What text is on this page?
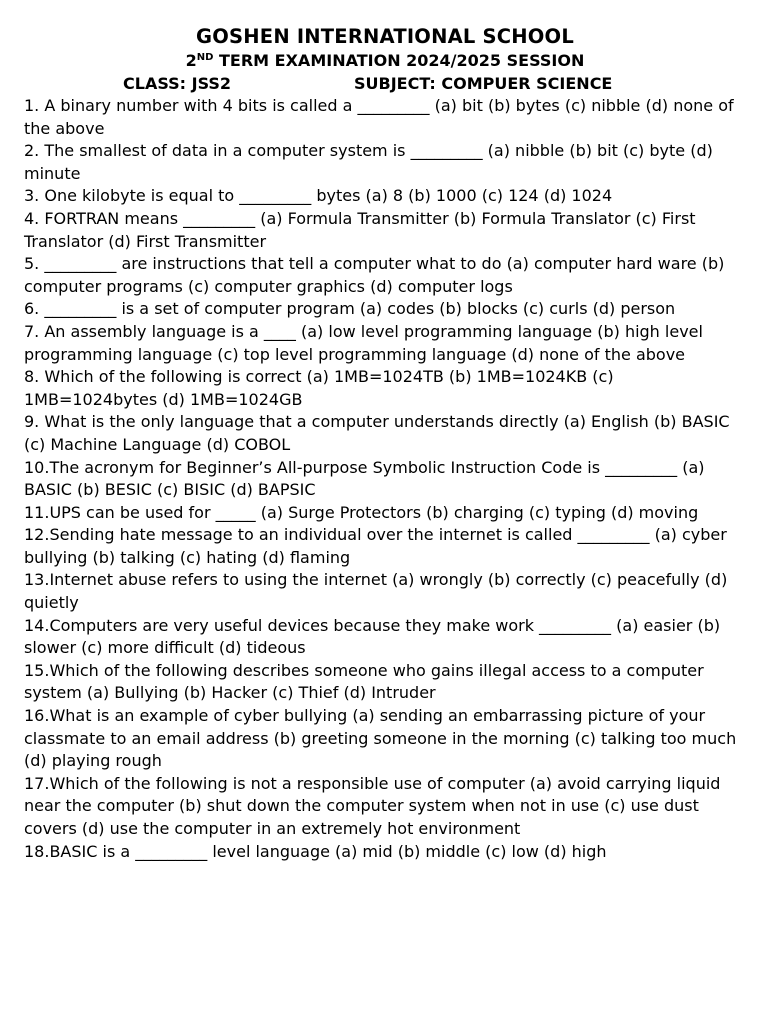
GOSHEN INTERNATIONAL SCHOOL
2ND TERM EXAMINATION 2024/2025 SESSION
CLASS: JSS2	SUBJECT: COMPUER SCIENCE
1. A binary number with 4 bits is called a _________ (a) bit (b) bytes (c) nibble (d) none of the above
2. The smallest of data in a computer system is _________ (a) nibble (b) bit (c) byte (d) minute
3. One kilobyte is equal to _________ bytes (a) 8 (b) 1000 (c) 124 (d) 1024
4. FORTRAN means _________ (a) Formula Transmitter (b) Formula Translator (c) First Translator (d) First Transmitter
5. _________ are instructions that tell a computer what to do (a) computer hard ware (b) computer programs (c) computer graphics (d) computer logs
6. _________ is a set of computer program (a) codes (b) blocks (c) curls (d) person
7. An assembly language is a ____ (a) low level programming language (b) high level programming language (c) top level programming language (d) none of the above
8. Which of the following is correct (a) 1MB=1024TB (b) 1MB=1024KB (c) 1MB=1024bytes (d) 1MB=1024GB
9. What is the only language that a computer understands directly (a) English (b) BASIC (c) Machine Language (d) COBOL
10.The acronym for Beginner’s All-purpose Symbolic Instruction Code is _________ (a) BASIC (b) BESIC (c) BISIC (d) BAPSIC
11.UPS can be used for _____ (a) Surge Protectors (b) charging (c) typing (d) moving
12.Sending hate message to an individual over the internet is called _________ (a) cyber bullying (b) talking (c) hating (d) flaming
13.Internet abuse refers to using the internet (a) wrongly (b) correctly (c) peacefully (d) quietly
14.Computers are very useful devices because they make work _________ (a) easier (b) slower (c) more difficult (d) tideous
15.Which of the following describes someone who gains illegal access to a computer system (a) Bullying (b) Hacker (c) Thief (d) Intruder
16.What is an example of cyber bullying (a) sending an embarrassing picture of your classmate to an email address (b) greeting someone in the morning (c) talking too much (d) playing rough
17.Which of the following is not a responsible use of computer (a) avoid carrying liquid near the computer (b) shut down the computer system when not in use (c) use dust covers (d) use the computer in an extremely hot environment
18.BASIC is a _________ level language (a) mid (b) middle (c) low (d) high
